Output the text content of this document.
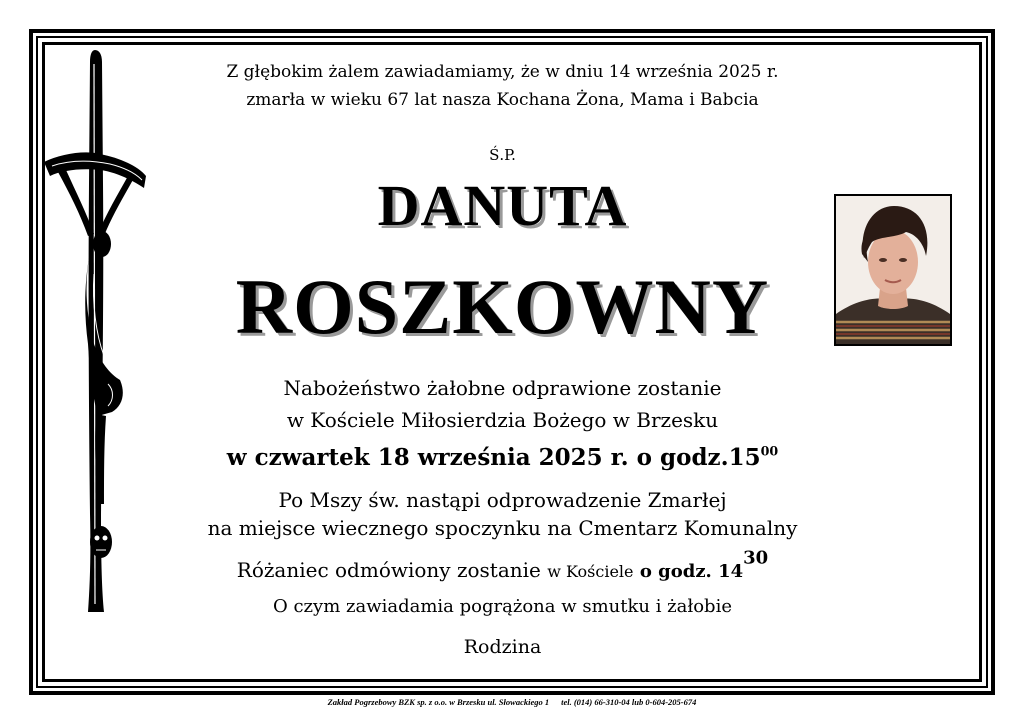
Z głębokim żalem zawiadamiamy, że w dniu 14 września 2025 r.
zmarła w wieku 67 lat nasza Kochana Żona, Mama i Babcia
Ś.P.
DANUTA
ROSZKOWNY
Nabożeństwo żałobne odprawione zostanie
w Kościele Miłosierdzia Bożego w Brzesku
w czwartek 18 września 2025 r. o $godz.15^{00}$
Po Mszy św. nastąpi odprowadzenie Zmarłej
na miejsce wiecznego spoczynku na Cmentarz Komunalny
Różaniec odmówiony zostanie w Kościele o godz. $14^{30}$
O czym zawiadamia pogrążona w smutku i żałobie
Rodzina
Zakład Pogrzebowy BZK sp. z o.o. w Brzesku ul. Słowackiego 1 tel. (014) 66-310-04 lub 0-604-205-674
